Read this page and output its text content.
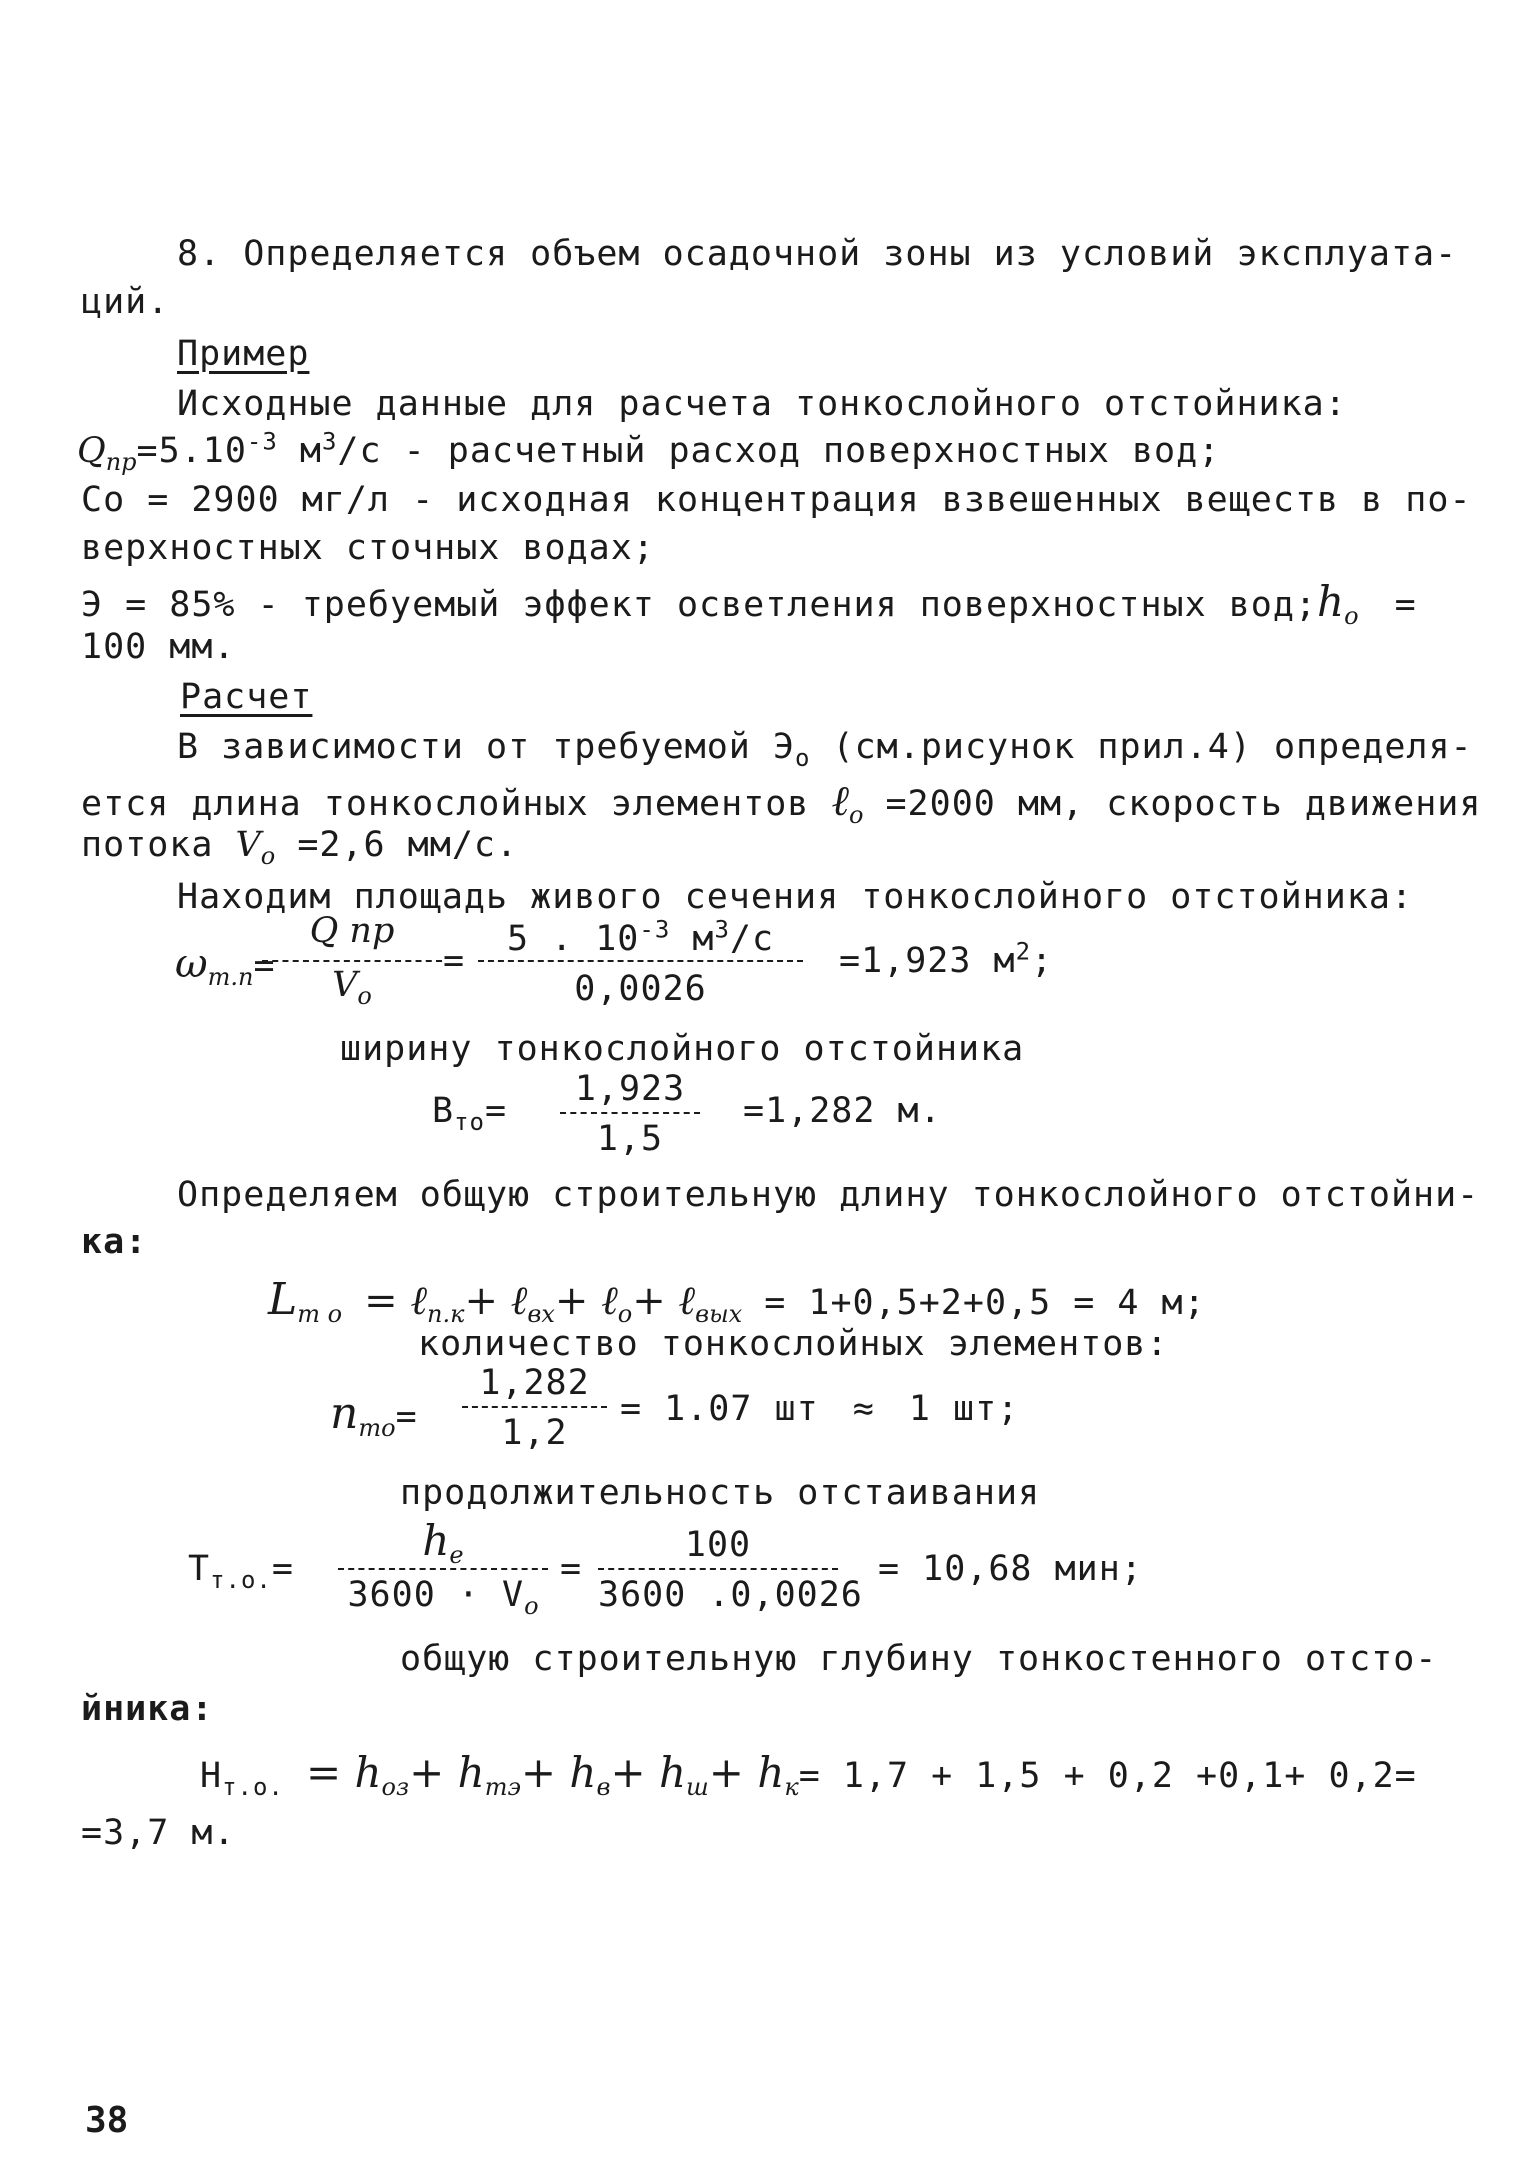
8. Определяется объем осадочной зоны из условий эксплуата-
ций.
Пример
Исходные данные для расчета тонкослойного отстойника:
$Q_{пр}=5.10^{-3}$ $м^3/с$ - расчетный расход поверхностных вод;
Co = 2900 мг/л - исходная концентрация взвешенных веществ в по-
верхностных сточных водах;
Э = 85% - требуемый эффект осветления поверхностных $вод;h_o$ =
100 мм.
Расчет
В зависимости от требуемой $Э_o$ (см.рисунок прил.4) определя-
ется длина тонкослойных элементов ℓ$_o$ =2000 мм, скорость движения
потока $V_o =2,6$ мм/с.
Находим площадь живого сечения тонкослойного отстойника:
$\omega_{т.п}=$
Q пр
$V_o$
=
5 . $10^{-3}$ $м^3/с$
0,0026
=1,923 $м^2$;
ширину тонкослойного отстойника
$B_{то}=$
1,923
1,5
=1,282 м.
Определяем общую строительную длину тонкослойного отстойни-
ка:
$L_{т о}$ = ℓ$_{п.к}$+ ℓ$_{вх}$+ ℓ$_o$+ ℓ$_{вых}$ = 1+0,5+2+0,5 = 4 м;
количество тонкослойных элементов:
$n_{то}=$
1,282
1,2
= 1.07 шт ≈ 1 шт;
продолжительность отстаивания
$T_{т.о.}=$
$h_e$
$3600 \cdot V_o$
=
100
3600 .0,0026
= 10,68 мин;
общую строительную глубину тонкостенного отсто-
йника:
$H_{т.о.} = h_{оз}+ h_{тэ}+ h_в+ h_ш+ h_к= 1,7 + 1,5 + 0,2 +0,1+ 0,2=$
=3,7 м.
38
